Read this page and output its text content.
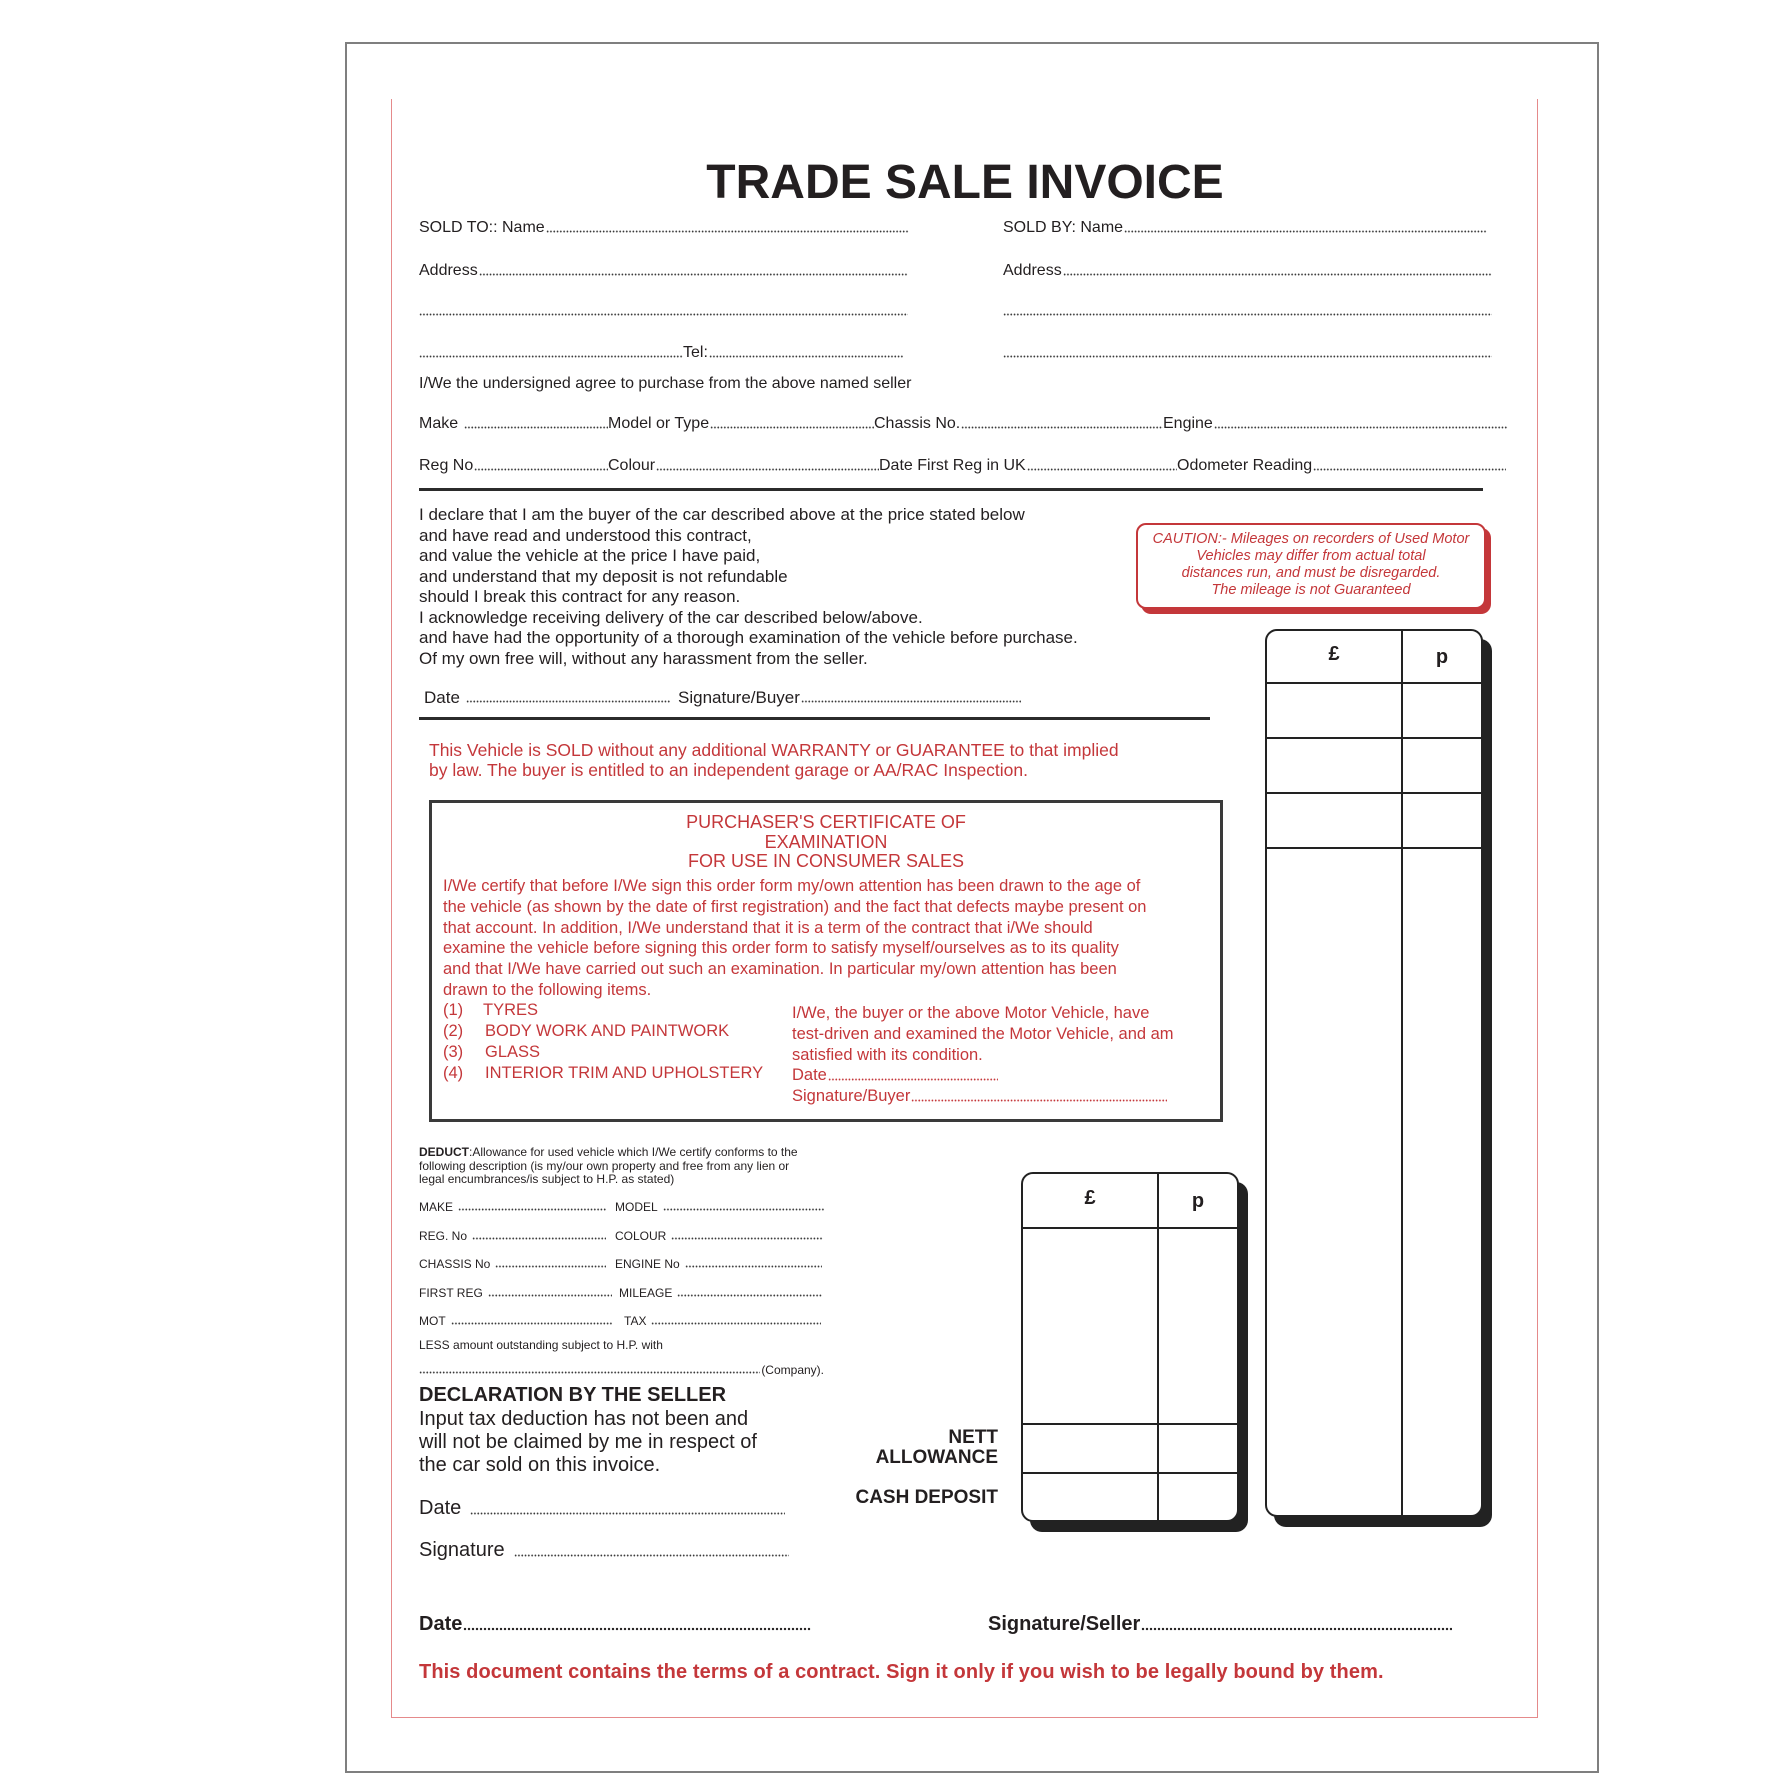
TRADE SALE INVOICE
SOLD TO:: Name	SOLD BY: Name
Address	Address
Tel:
I/We the undersigned agree to purchase from the above named seller
Make	Model or Type	Chassis No.	Engine
Reg No	Colour	Date First Reg in UK	Odometer Reading
I declare that I am the buyer of the car described above at the price stated below
and have read and understood this contract,
and value the vehicle at the price I have paid,
and understand that my deposit is not refundable
should I break this contract for any reason.
I acknowledge receiving delivery of the car described below/above.
and have had the opportunity of a thorough examination of the vehicle before purchase.
Of my own free will, without any harassment from the seller.
Date	Signature/Buyer
CAUTION:- Mileages on recorders of Used Motor
Vehicles may differ from actual total
distances run, and must be disregarded.
The mileage is not Guaranteed
This Vehicle is SOLD without any additional WARRANTY or GUARANTEE to that implied
by law. The buyer is entitled to an independent garage or AA/RAC Inspection.
PURCHASER'S CERTIFICATE OF
EXAMINATION
FOR USE IN CONSUMER SALES
I/We certify that before I/We sign this order form my/own attention has been drawn to the age of
the vehicle (as shown by the date of first registration) and the fact that defects maybe present on
that account. In addition, I/We understand that it is a term of the contract that i/We should
examine the vehicle before signing this order form to satisfy myself/ourselves as to its quality
and that I/We have carried out such an examination. In particular my/own attention has been
drawn to the following items.
(1)	TYRES
(2)	BODY WORK AND PAINTWORK
(3)	GLASS
(4)	INTERIOR TRIM AND UPHOLSTERY
I/We, the buyer or the above Motor Vehicle, have
test-driven and examined the Motor Vehicle, and am
satisfied with its condition.
Date
Signature/Buyer
DEDUCT:Allowance for used vehicle which I/We certify conforms to the
following description (is my/our own property and free from any lien or
legal encumbrances/is subject to H.P. as stated)
MAKE	MODEL
REG. No	COLOUR
CHASSIS No	ENGINE No
FIRST REG	MILEAGE
MOT	TAX
LESS amount outstanding subject to H.P. with
(Company).
DECLARATION BY THE SELLER
Input tax deduction has not been and
will not be claimed by me in respect of
the car sold on this invoice.
Date
Signature
NETT
ALLOWANCE
CASH DEPOSIT
£	p
£	p
Date	Signature/Seller
This document contains the terms of a contract. Sign it only if you wish to be legally bound by them.
